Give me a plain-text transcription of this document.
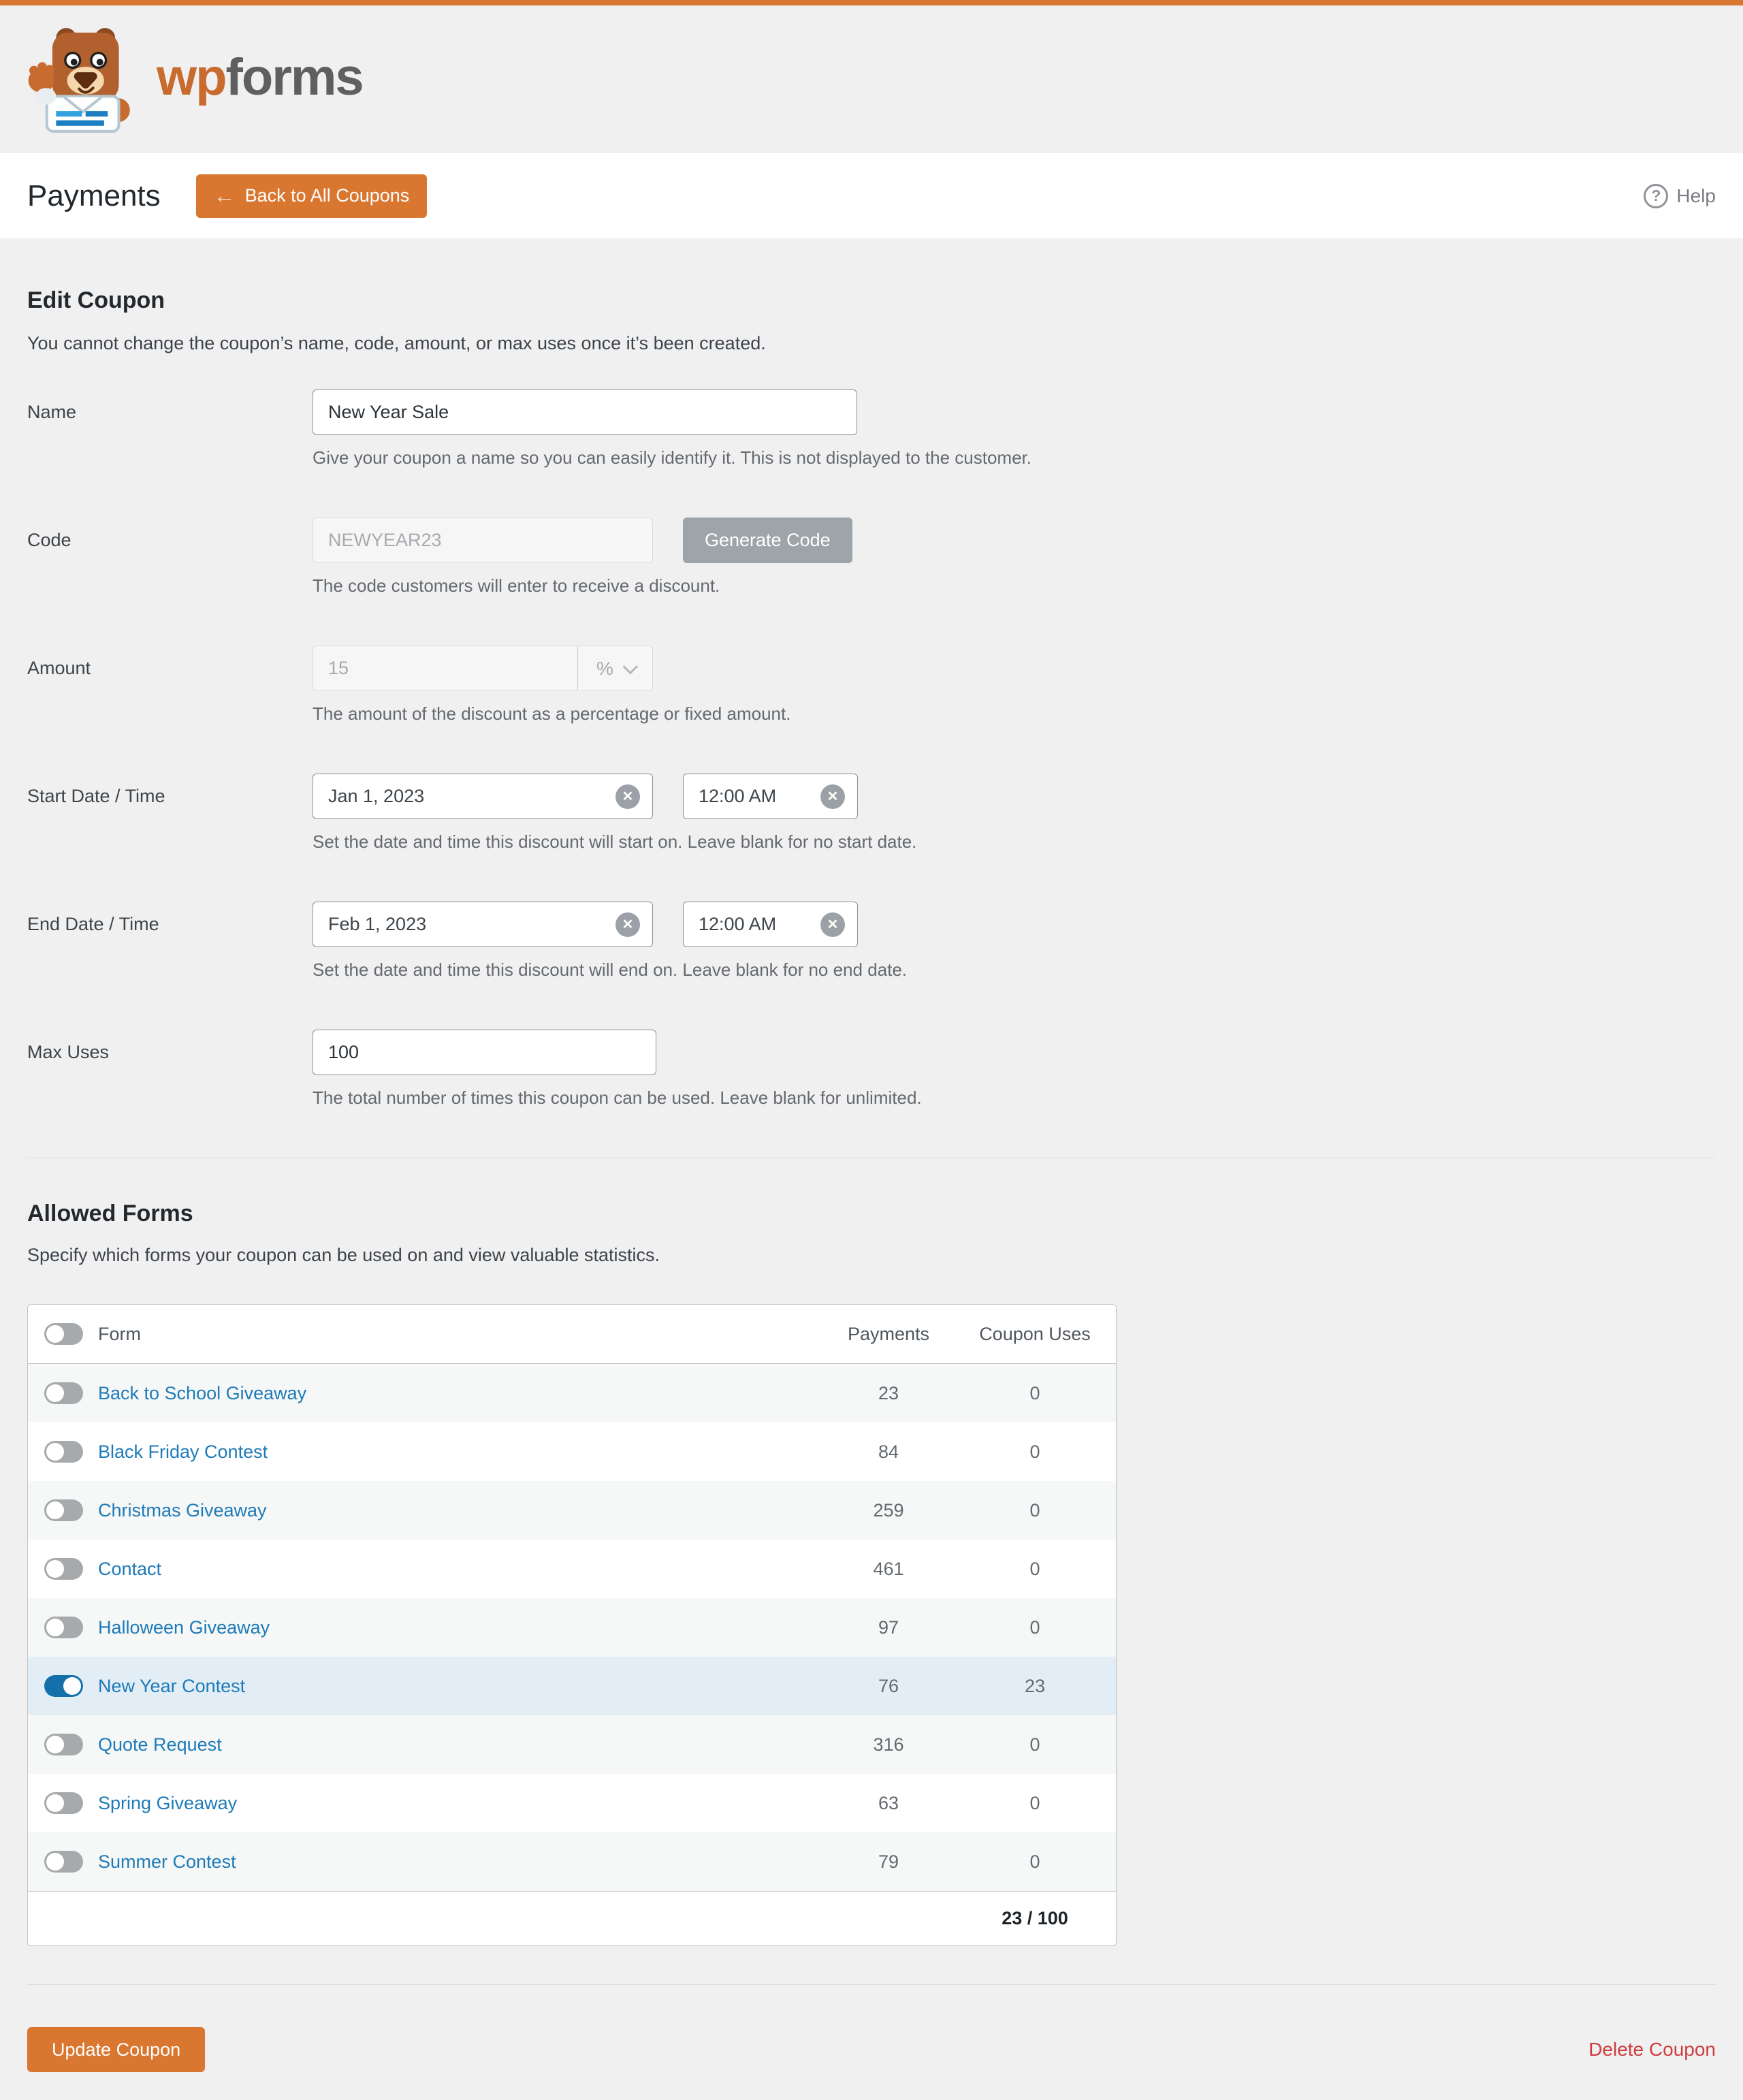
wpforms
Payments ←	Back to All Coupons ?	Help
Edit Coupon

You cannot change the coupon’s name, code, amount, or max uses once it’s been created.

Name
New Year Sale
Give your coupon a name so you can easily identify it. This is not displayed to the customer.
Code
NEWYEAR23	Generate Code
The code customers will enter to receive a discount.
Amount	15	%
The amount of the discount as a percentage or fixed amount.
Start Date / Time	Jan 1, 2023 ✕	12:00 AM
✕
Set the date and time this discount will start on. Leave blank for no start date.
End Date / Time	Feb 1, 2023 ✕	12:00 AM
✕
Set the date and time this discount will end on. Leave blank for no end date.
Max Uses
100
The total number of times this coupon can be used. Leave blank for unlimited.
Allowed Forms

Specify which forms your coupon can be used on and view valuable statistics.

Form	Payments	Coupon Uses
Back to School Giveaway	23	0
Black Friday Contest	84	0
Christmas Giveaway	259	0
Contact	461	0
Halloween Giveaway	97	0
New Year Contest	76	23
Quote Request	316	0
Spring Giveaway	63	0
Summer Contest	79	0
23 / 100
Update Coupon	Delete Coupon
